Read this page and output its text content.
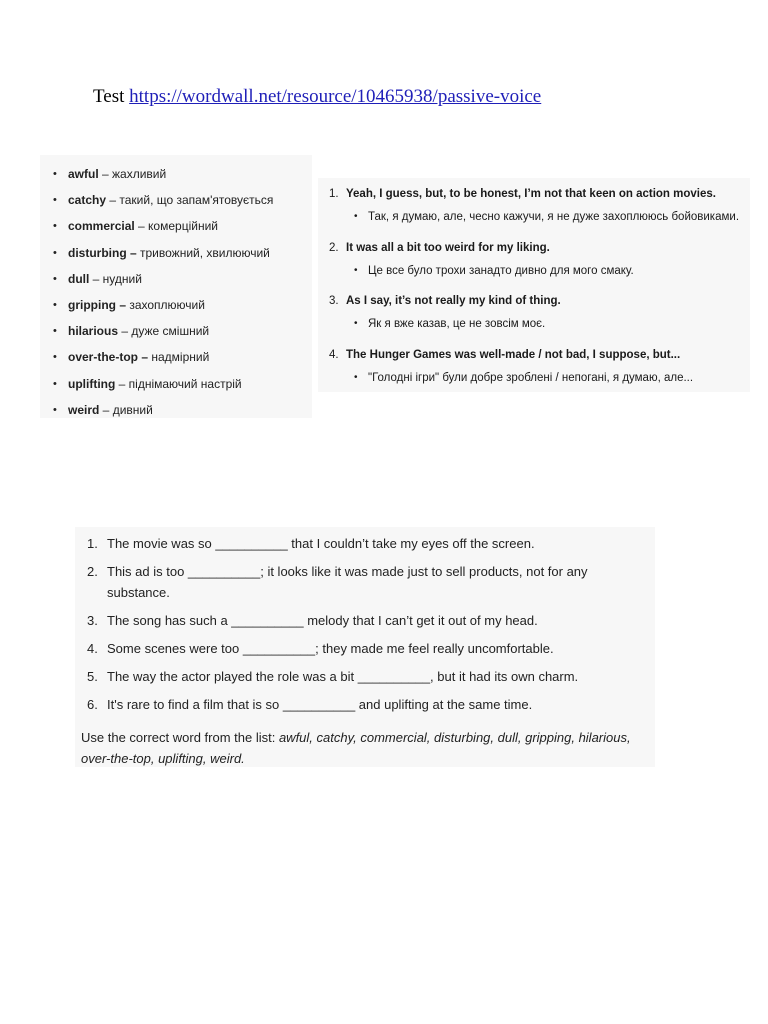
Test https://wordwall.net/resource/10465938/passive-voice
• awful – жахливий
• catchy – такий, що запам'ятовується
• commercial – комерційний
• disturbing – тривожний, хвилюючий
• dull – нудний
• gripping – захоплюючий
• hilarious – дуже смішний
• over-the-top – надмірний
• uplifting – піднімаючий настрій
• weird – дивний
1. Yeah, I guess, but, to be honest, I’m not that keen on action movies.
• Так, я думаю, але, чесно кажучи, я не дуже захоплююсь бойовиками.
2. It was all a bit too weird for my liking.
• Це все було трохи занадто дивно для мого смаку.
3. As I say, it’s not really my kind of thing.
• Як я вже казав, це не зовсім моє.
4. The Hunger Games was well-made / not bad, I suppose, but...
• "Голодні ігри" були добре зроблені / непогані, я думаю, але...
1. The movie was so __________ that I couldn’t take my eyes off the screen.
2. This ad is too __________; it looks like it was made just to sell products, not for any substance.
3. The song has such a __________ melody that I can’t get it out of my head.
4. Some scenes were too __________; they made me feel really uncomfortable.
5. The way the actor played the role was a bit __________, but it had its own charm.
6. It's rare to find a film that is so __________ and uplifting at the same time.
Use the correct word from the list: awful, catchy, commercial, disturbing, dull, gripping, hilarious, over-the-top, uplifting, weird.
